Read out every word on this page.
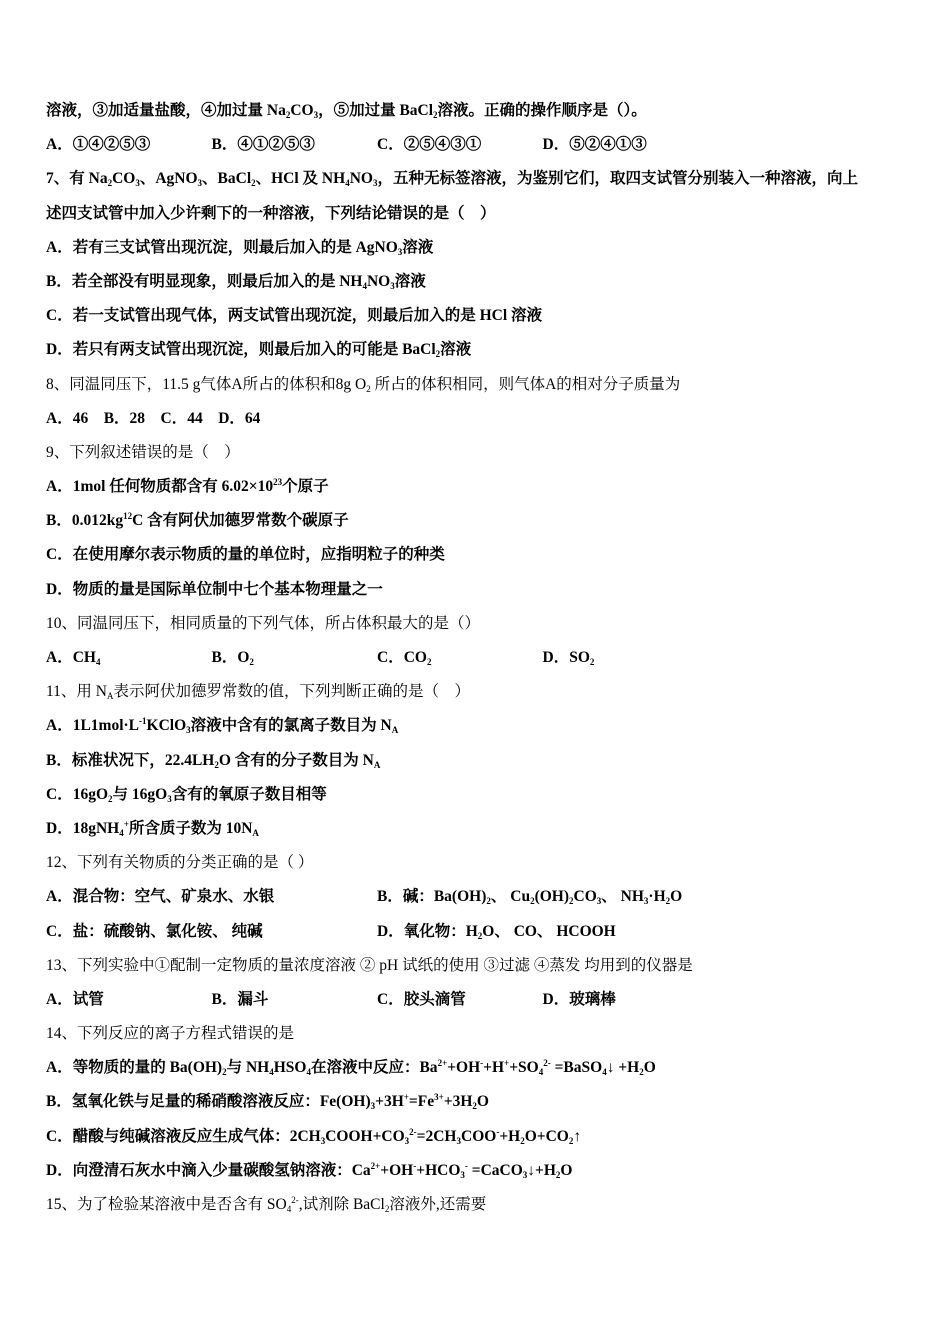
溶液，③加适量盐酸，④加过量 $Na_2CO_3$，⑤加过量 BaCl$_2$溶液。正确的操作顺序是（）。
A．①④②⑤③	B．④①②⑤③	C．②⑤④③①	D．⑤②④①③
7、有 $Na_2CO_3$、AgNO$_3$、BaCl$_2$、HCl 及 $NH_4NO_3$，五种无标签溶液，为鉴别它们，取四支试管分别装入一种溶液，向上
述四支试管中加入少许剩下的一种溶液，下列结论错误的是（　）
A．若有三支试管出现沉淀，则最后加入的是 AgNO$_3$溶液
B．若全部没有明显现象，则最后加入的是 $NH_4NO_3$溶液
C．若一支试管出现气体，两支试管出现沉淀，则最后加入的是 HCl 溶液
D．若只有两支试管出现沉淀，则最后加入的可能是 BaCl$_2$溶液
8、同温同压下，11.5 g气体A所占的体积和8g $O_2$ 所占的体积相同，则气体A的相对分子质量为
A．46　B．28　C．44　D．64
9、下列叙述错误的是（　）
A．1mol 任何物质都含有 $6.02\times 10^{23}$个原子
B．$0.012kg^{12}C$ 含有阿伏加德罗常数个碳原子
C．在使用摩尔表示物质的量的单位时，应指明粒子的种类
D．物质的量是国际单位制中七个基本物理量之一
10、同温同压下，相同质量的下列气体，所占体积最大的是（）
A．$CH_4$	B．$O_2$	C．$CO_2$	D．$SO_2$
11、用 $N_A$表示阿伏加德罗常数的值，下列判断正确的是（　）
A．$1L1mol\cdot L^{-1}KClO_3$溶液中含有的氯离子数目为 $N_A$
B．标准状况下，$22.4LH_2O$ 含有的分子数目为 $N_A$
C．$16gO_2$与 $16gO_3$含有的氧原子数目相等
D．18gNH$_4$+所含质子数为 $10N_A$
12、下列有关物质的分类正确的是（ ）
A．混合物：空气、矿泉水、水银	B．碱：$Ba(OH)_2$、 $Cu_2(OH)_2CO_3$、 $NH_3\cdot H_2O$
C．盐：硫酸钠、氯化铵、 纯碱	D．氧化物：$H_2O$、 CO、 HCOOH
13、下列实验中①配制一定物质的量浓度溶液 ② pH 试纸的使用 ③过滤 ④蒸发 均用到的仪器是
A．试管	B．漏斗	C．胶头滴管	D．玻璃棒
14、下列反应的离子方程式错误的是
A．等物质的量的 $Ba(OH)_2$与 $NH_4HSO_4$在溶液中反应：$Ba^{2+}+OH^-+H^++SO_4^{2-}$ =BaSO$_4$↓ $+H_2O$
B．氢氧化铁与足量的稀硝酸溶液反应：$Fe(OH)_3+3H^+=Fe^{3+}+3H_2O$
C．醋酸与纯碱溶液反应生成气体：$2CH_3COOH+CO_3^{2-}=2CH_3COO^-+H_2O+CO_2↑$
D．向澄清石灰水中滴入少量碳酸氢钠溶液：$Ca^{2+}+OH^-+HCO_3^-$ $=CaCO_3↓+H_2O$
15、为了检验某溶液中是否含有 $SO_4^{2-}$,试剂除 BaCl$_2$溶液外,还需要
